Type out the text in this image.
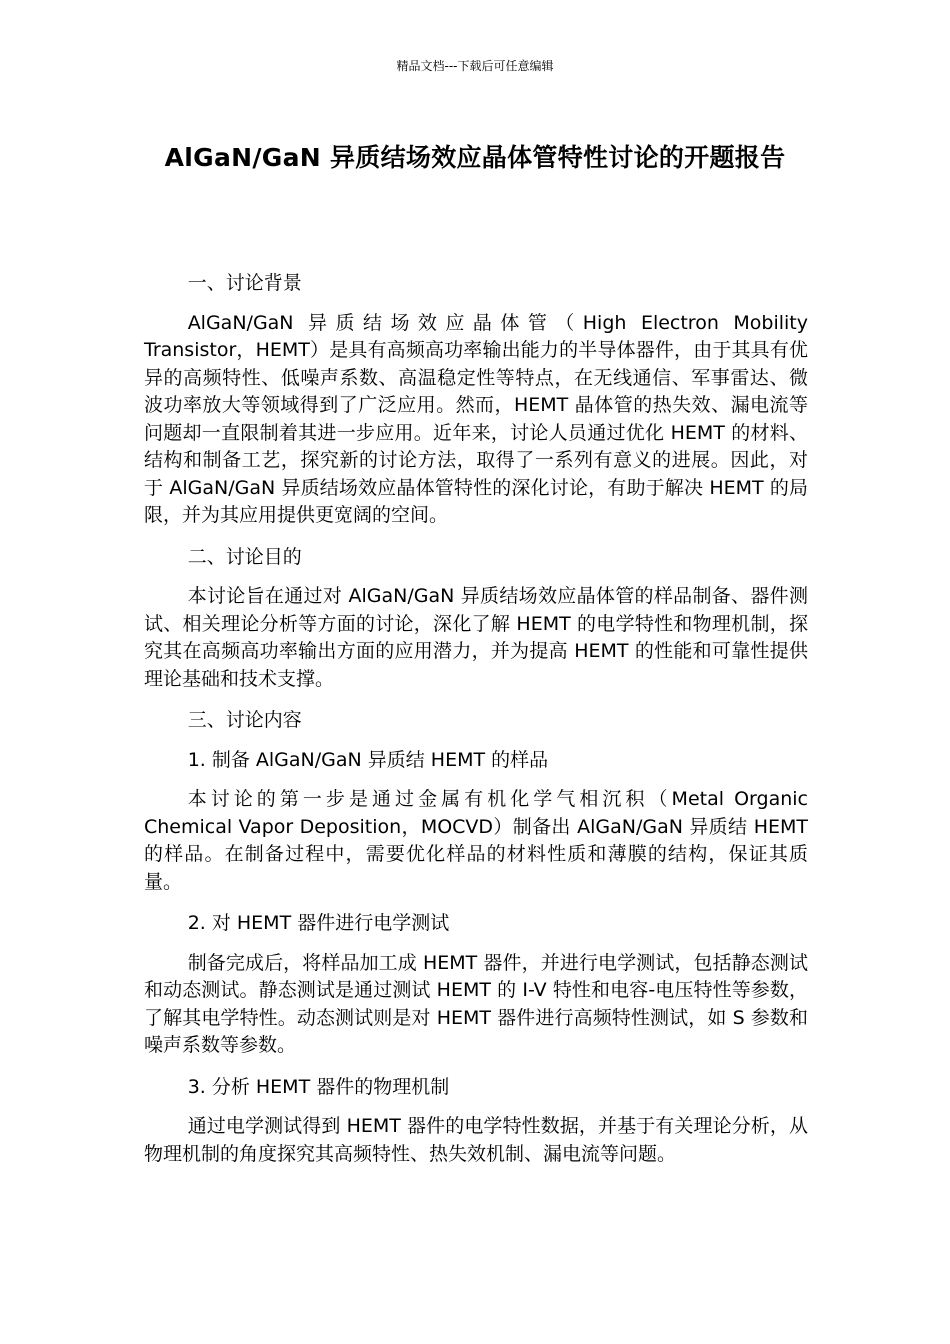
精品文档---下载后可任意编辑
AlGaN/GaN 异质结场效应晶体管特性讨论的开题报告

一、讨论背景

AlGaN/GaN 异质结场效应晶体管（High Electron Mobility Transistor，HEMT）是具有高频高功率输出能力的半导体器件，由于其具有优异的高频特性、低噪声系数、高温稳定性等特点，在无线通信、军事雷达、微波功率放大等领域得到了广泛应用。然而，HEMT 晶体管的热失效、漏电流等问题却一直限制着其进一步应用。近年来，讨论人员通过优化 HEMT 的材料、结构和制备工艺，探究新的讨论方法，取得了一系列有意义的进展。因此，对于 AlGaN/GaN 异质结场效应晶体管特性的深化讨论，有助于解决 HEMT 的局限，并为其应用提供更宽阔的空间。

二、讨论目的

本讨论旨在通过对 AlGaN/GaN 异质结场效应晶体管的样品制备、器件测试、相关理论分析等方面的讨论，深化了解 HEMT 的电学特性和物理机制，探究其在高频高功率输出方面的应用潜力，并为提高 HEMT 的性能和可靠性提供理论基础和技术支撑。

三、讨论内容

1. 制备 AlGaN/GaN 异质结 HEMT 的样品

本讨论的第一步是通过金属有机化学气相沉积（Metal Organic Chemical Vapor Deposition，MOCVD）制备出 AlGaN/GaN 异质结 HEMT 的样品。在制备过程中，需要优化样品的材料性质和薄膜的结构，保证其质量。

2. 对 HEMT 器件进行电学测试

制备完成后，将样品加工成 HEMT 器件，并进行电学测试，包括静态测试和动态测试。静态测试是通过测试 HEMT 的 I-V 特性和电容-电压特性等参数，了解其电学特性。动态测试则是对 HEMT 器件进行高频特性测试，如 S 参数和噪声系数等参数。

3. 分析 HEMT 器件的物理机制

通过电学测试得到 HEMT 器件的电学特性数据，并基于有关理论分析，从物理机制的角度探究其高频特性、热失效机制、漏电流等问题。
